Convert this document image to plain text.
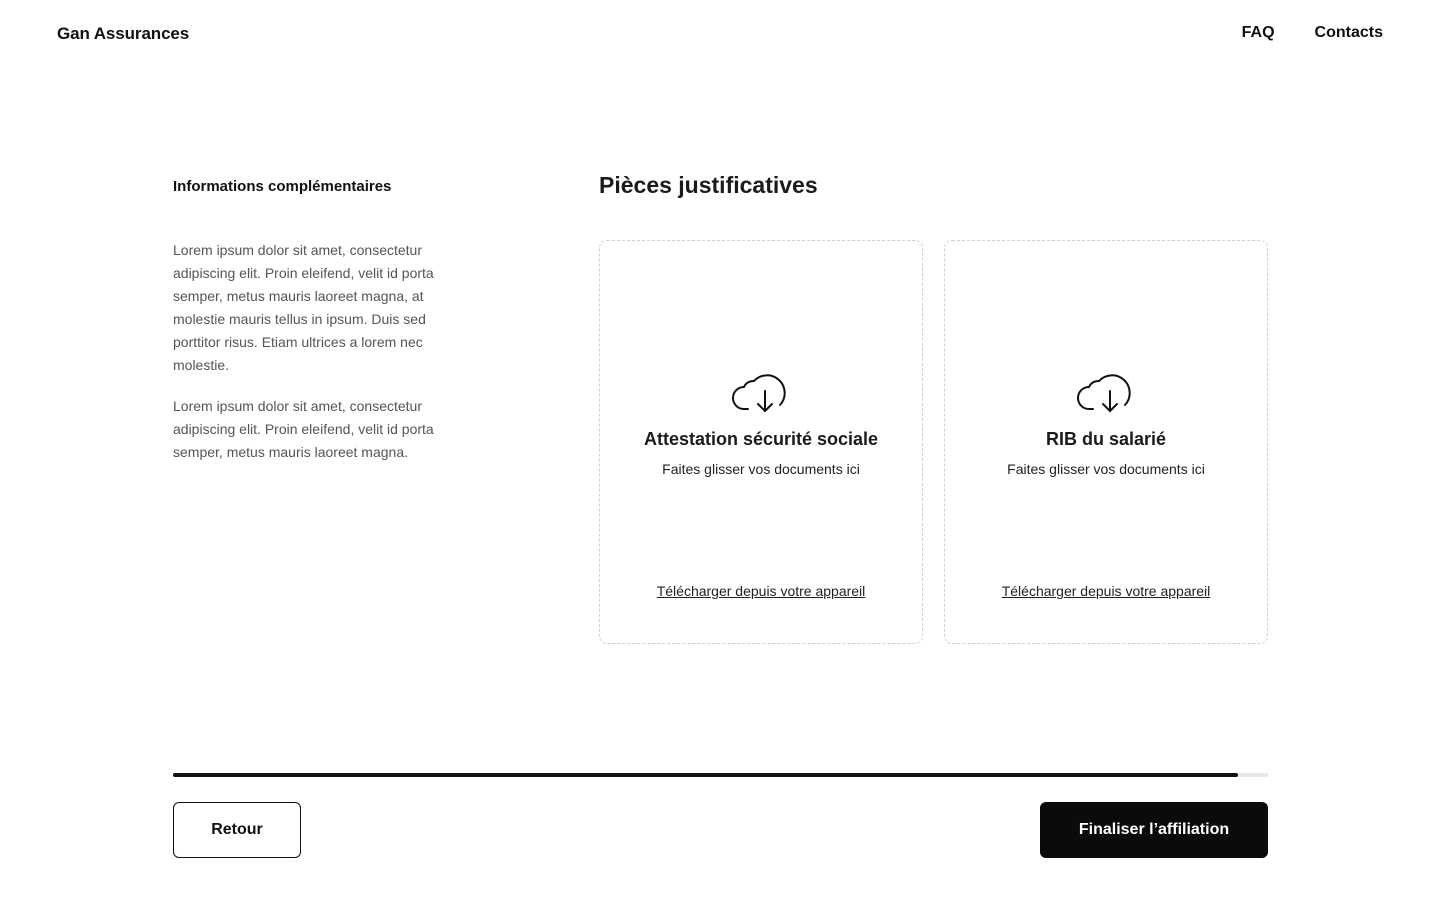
Gan Assurances	FAQ	Contacts
Informations complémentaires

Lorem ipsum dolor sit amet, consectetur adipiscing elit. Proin eleifend, velit id porta semper, metus mauris laoreet magna, at molestie mauris tellus in ipsum. Duis sed porttitor risus. Etiam ultrices a lorem nec molestie.

Lorem ipsum dolor sit amet, consectetur adipiscing elit. Proin eleifend, velit id porta semper, metus mauris laoreet magna.

Pièces justificatives
Attestation sécurité sociale
Faites glisser vos documents ici
Télécharger depuis votre appareil
RIB du salarié
Faites glisser vos documents ici
Télécharger depuis votre appareil
Retour	Finaliser l’affiliation
